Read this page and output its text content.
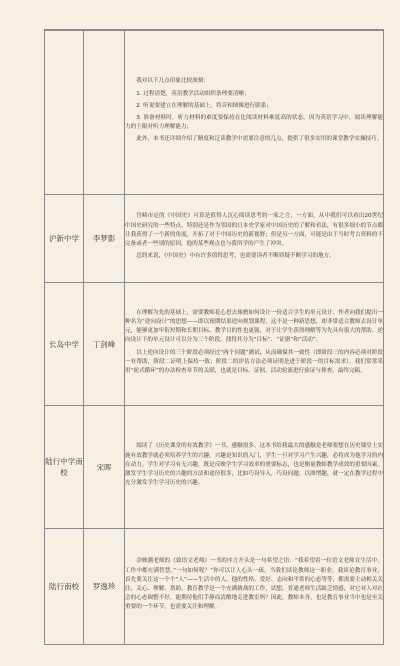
		我对以下几点印象比较深刻：

1. 过程清楚，英语教学活动组织条理要清晰；

2. 听说要建立在理解的基础上，将音和图像进行联系；

3. 准备材料时，听力材料的难度要保持在比阅读材料难度高的状态。因为英语学习中，阅读理解能力的上限对听力理解能力；

此外，本书还详细介绍了精度和泛读教学中需要注意的几点，提供了很多实用的课堂教学实操技巧。

沪新中学	李梦影	宫崎市定的《中国史》可算是值得人沉心阅读思考的一家之言，一方面，从中我们可以看出20世纪中国史研究的一些特点，特别还是作为邻国的日本史学家对中国历史的了解和看法，有很多细小的节点都让我获得了一个新的角度，开拓了对于中国历史的新视野；但是另一方面，可能是由于当时考古资料的不完备或者一些别的原因，他的某些观点也与我所学的产生了冲突。

总的来说，《中国史》中有许多值得思考，也需要读者不断质疑不断学习的地方。

长岛中学	丁剑峰	在理解为先的基础上，需要教师花心思去琢磨如何设计一份适合学生的单元设计。作者向我们提出一种名为“逆向设计”的思想——即以预期结果逆向规划课程。这不是一种新思想，却非常适合教师去设计单元，能够更加牢衔短期和长期目标，教学目的性也更强，对于让学生获得理解等为先具有很大的帮助。逆向设计下的单元设计可以分为三个阶段，找得其分为“目标”、“证据”和“活动”。

以上逆向设计的三个阶段必须经过“两个问题”测试，从而确保其一致性（即阶段三的内容必须对阶段一有帮助，阶段二证明上保持一致；阶段二的评估方法必须证明是进于阶段一的目标需求）。我们常常采用“轮式循环”的办法检查章节的关联，也就是目标、证据、活动轮流进行验证与排查，最终完稿。

陆行中学南校	宋晖	阅读了《历史课堂的有效教学》一书，感触很多，这本书给我最大的感触是老师要想在历史课堂上实施有效教学就必须培养学生的兴趣，兴趣是知识的入门，学生一旦对学习产生兴趣，必将成为他学习的内在动力。学生对学习有无兴趣，既是反映学生学习效率的重要标志，也是衡量教师教学成效的重要因素。激发学生学习历史的兴趣的方法和途径很多，比如巧设导入，巧设问题，以图增趣，就一定在教学过程中充分激发学生学习历史的兴趣。

陆行南校	罗逸珍	余映潮老师的《致语文老师》一书的序言开头是一句希望之语：“我希望着一位语文老师在生活中、工作中都充满智慧。”一句如何呢？“你可以让人心头一疏。当我们谈论教师这一职业，我谈论教育事业，首先要关注这一个个“人”——生活中的人，他的性格、爱好、志向和平常的心态等等，都需要主动相关关注、关心、理解、帮助。教育教学是一个充满挑战的工作，试想，普通老师生活缺乏情感，对它对人对社会的心态调整不好，能期待他们手静而清醒地走进教室吗？因此，教师本身，也是教育事业当中也是至关重要的一个环节，也需要关注和理解。
